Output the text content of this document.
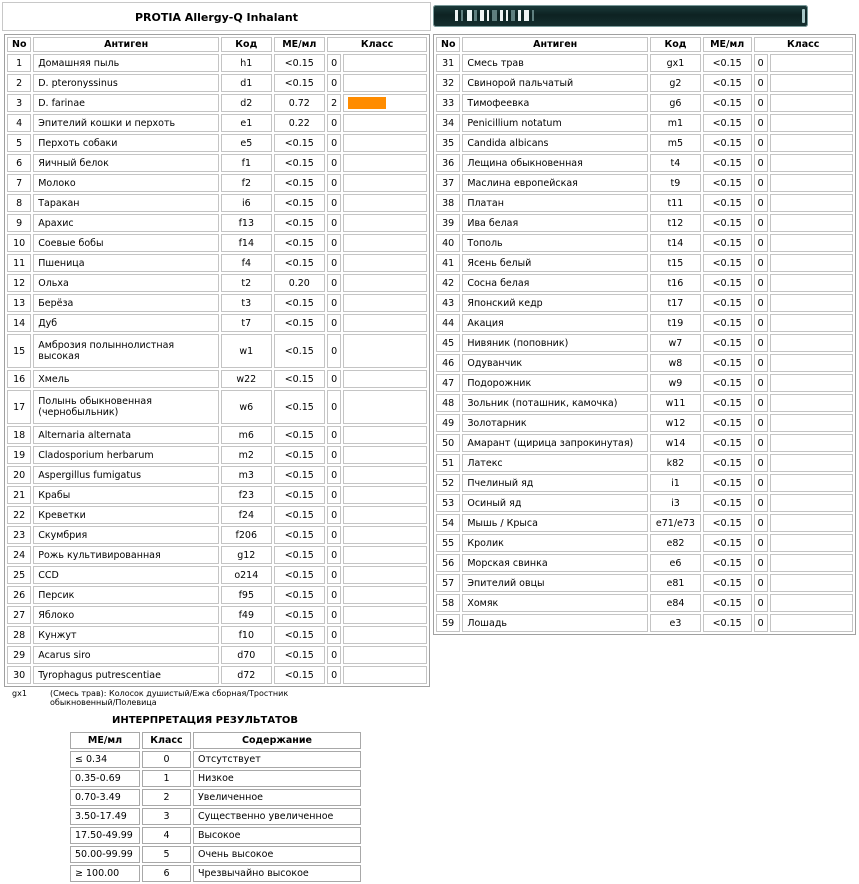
PROTIA Allergy-Q Inhalant
No	Антиген	Код	МЕ/мл	Класс	
1	Домашняя пыль	h1	<0.15	0	
2	D. pteronyssinus	d1	<0.15	0	
3	D. farinae	d2	0.72	2	
4	Эпителий кошки и перхоть	e1	0.22	0	
5	Перхоть собаки	e5	<0.15	0	
6	Яичный белок	f1	<0.15	0	
7	Молоко	f2	<0.15	0	
8	Таракан	i6	<0.15	0	
9	Арахис	f13	<0.15	0	
10	Соевые бобы	f14	<0.15	0	
11	Пшеница	f4	<0.15	0	
12	Ольха	t2	0.20	0	
13	Берёза	t3	<0.15	0	
14	Дуб	t7	<0.15	0	
15	Амброзия полыннолистная высокая	w1	<0.15	0	
16	Хмель	w22	<0.15	0	
17	Полынь обыкновенная (чернобыльник)	w6	<0.15	0	
18	Alternaria alternata	m6	<0.15	0	
19	Cladosporium herbarum	m2	<0.15	0	
20	Aspergillus fumigatus	m3	<0.15	0	
21	Крабы	f23	<0.15	0	
22	Креветки	f24	<0.15	0	
23	Скумбрия	f206	<0.15	0	
24	Рожь культивированная	g12	<0.15	0	
25	CCD	o214	<0.15	0	
26	Персик	f95	<0.15	0	
27	Яблоко	f49	<0.15	0	
28	Кунжут	f10	<0.15	0	
29	Acarus siro	d70	<0.15	0	
30	Tyrophagus putrescentiae	d72	<0.15	0	
No	Антиген	Код	МЕ/мл	Класс	
31	Смесь трав	gx1	<0.15	0	
32	Свинорой пальчатый	g2	<0.15	0	
33	Тимофеевка	g6	<0.15	0	
34	Penicillium notatum	m1	<0.15	0	
35	Candida albicans	m5	<0.15	0	
36	Лещина обыкновенная	t4	<0.15	0	
37	Маслина европейская	t9	<0.15	0	
38	Платан	t11	<0.15	0	
39	Ива белая	t12	<0.15	0	
40	Тополь	t14	<0.15	0	
41	Ясень белый	t15	<0.15	0	
42	Сосна белая	t16	<0.15	0	
43	Японский кедр	t17	<0.15	0	
44	Акация	t19	<0.15	0	
45	Нивяник (поповник)	w7	<0.15	0	
46	Одуванчик	w8	<0.15	0	
47	Подорожник	w9	<0.15	0	
48	Зольник (поташник, камочка)	w11	<0.15	0	
49	Золотарник	w12	<0.15	0	
50	Амарант (щирица запрокинутая)	w14	<0.15	0	
51	Латекс	k82	<0.15	0	
52	Пчелиный яд	i1	<0.15	0	
53	Осиный яд	i3	<0.15	0	
54	Мышь / Крыса	e71/e73	<0.15	0	
55	Кролик	e82	<0.15	0	
56	Морская свинка	e6	<0.15	0	
57	Эпителий овцы	e81	<0.15	0	
58	Хомяк	e84	<0.15	0	
59	Лошадь	e3	<0.15	0	
gx1	(Смесь трав): Колосок душистый/Ежа сборная/Тростник обыкновенный/Полевица
ИНТЕРПРЕТАЦИЯ РЕЗУЛЬТАТОВ
МЕ/мл	Класс	Содержание
≤ 0.34	0	Отсутствует
0.35-0.69	1	Низкое
0.70-3.49	2	Увеличенное
3.50-17.49	3	Существенно увеличенное
17.50-49.99	4	Высокое
50.00-99.99	5	Очень высокое
≥ 100.00	6	Чрезвычайно высокое
